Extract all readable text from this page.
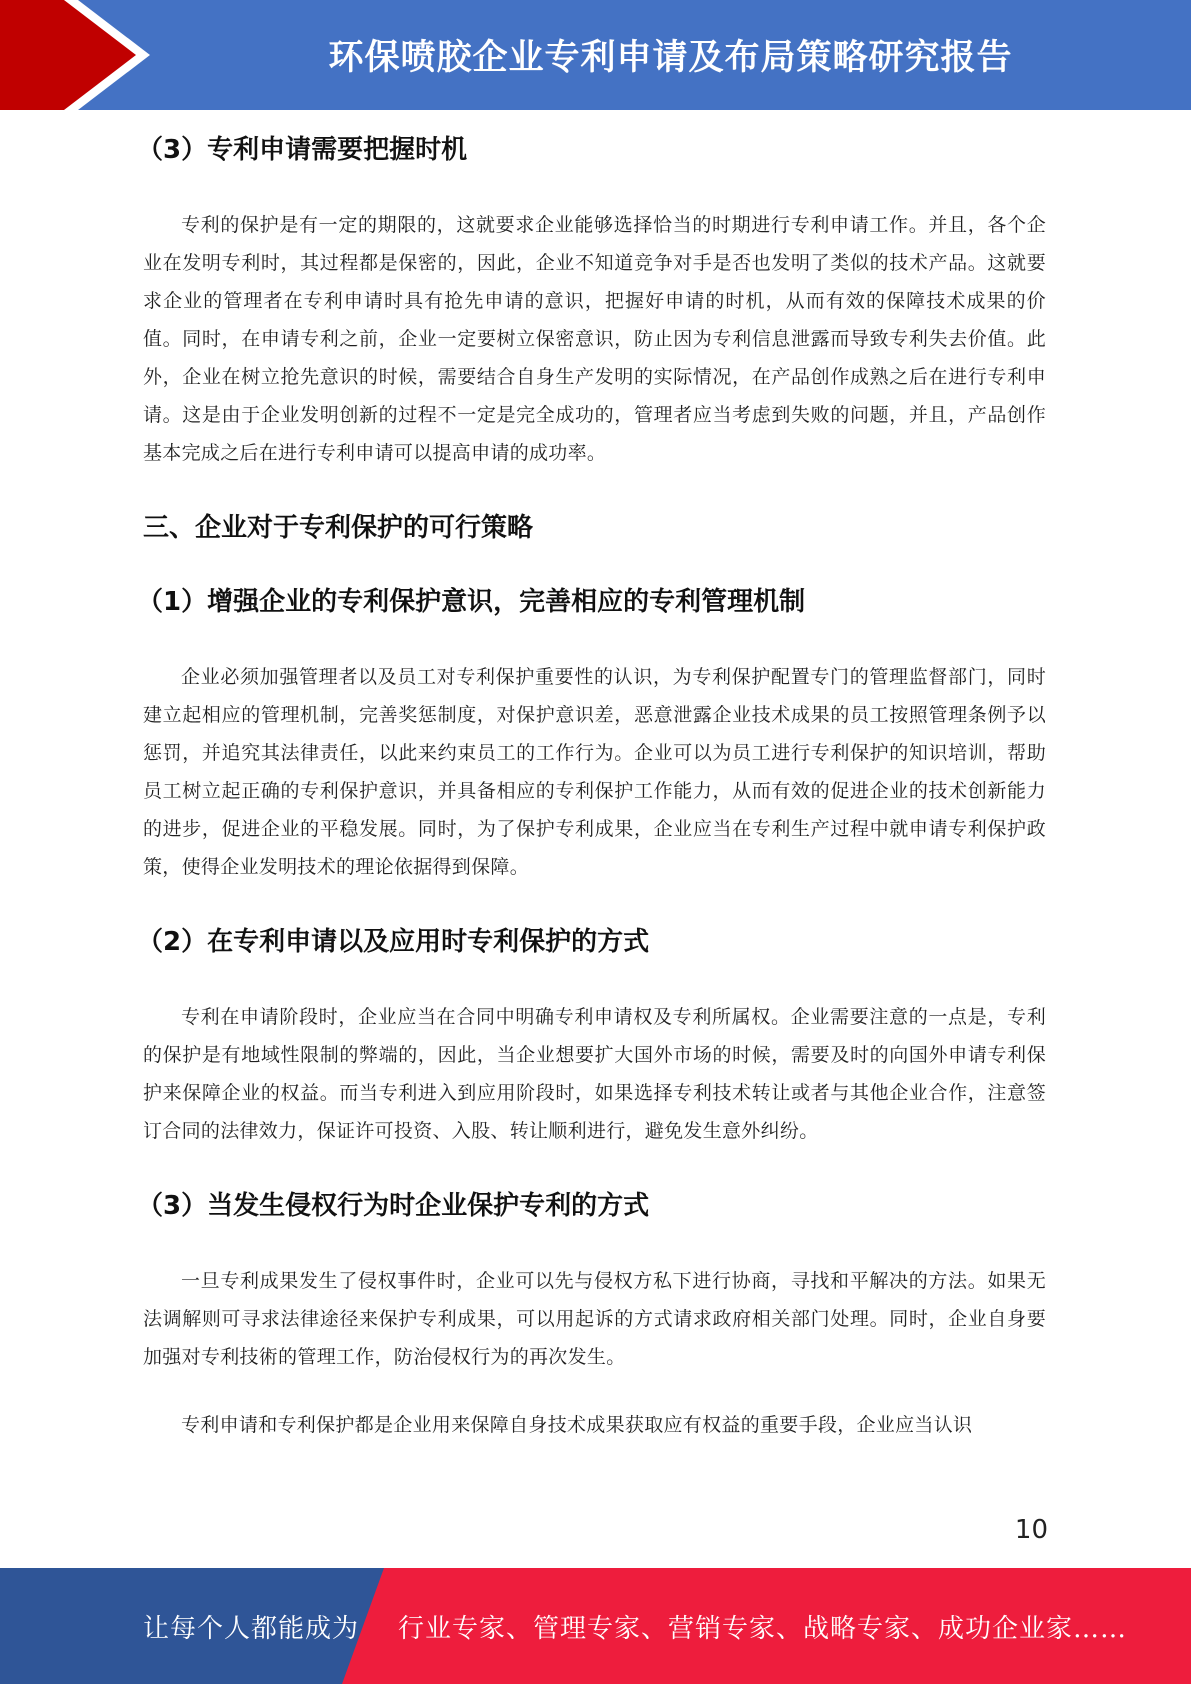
环保喷胶企业专利申请及布局策略研究报告
（3）专利申请需要把握时机

专利的保护是有一定的期限的，这就要求企业能够选择恰当的时期进行专利申请工作。并且，各个企业在发明专利时，其过程都是保密的，因此，企业不知道竞争对手是否也发明了类似的技术产品。这就要求企业的管理者在专利申请时具有抢先申请的意识，把握好申请的时机，从而有效的保障技术成果的价值。同时，在申请专利之前，企业一定要树立保密意识，防止因为专利信息泄露而导致专利失去价值。此外，企业在树立抢先意识的时候，需要结合自身生产发明的实际情况，在产品创作成熟之后在进行专利申请。这是由于企业发明创新的过程不一定是完全成功的，管理者应当考虑到失败的问题，并且，产品创作基本完成之后在进行专利申请可以提高申请的成功率。

三、企业对于专利保护的可行策略
（1）增强企业的专利保护意识，完善相应的专利管理机制

企业必须加强管理者以及员工对专利保护重要性的认识，为专利保护配置专门的管理监督部门，同时建立起相应的管理机制，完善奖惩制度，对保护意识差，恶意泄露企业技术成果的员工按照管理条例予以惩罚，并追究其法律责任，以此来约束员工的工作行为。企业可以为员工进行专利保护的知识培训，帮助员工树立起正确的专利保护意识，并具备相应的专利保护工作能力，从而有效的促进企业的技术创新能力的进步，促进企业的平稳发展。同时，为了保护专利成果，企业应当在专利生产过程中就申请专利保护政策，使得企业发明技术的理论依据得到保障。

（2）在专利申请以及应用时专利保护的方式

专利在申请阶段时，企业应当在合同中明确专利申请权及专利所属权。企业需要注意的一点是，专利的保护是有地域性限制的弊端的，因此，当企业想要扩大国外市场的时候，需要及时的向国外申请专利保护来保障企业的权益。而当专利进入到应用阶段时，如果选择专利技术转让或者与其他企业合作，注意签订合同的法律效力，保证许可投资、入股、转让顺利进行，避免发生意外纠纷。

（3）当发生侵权行为时企业保护专利的方式

一旦专利成果发生了侵权事件时，企业可以先与侵权方私下进行协商，寻找和平解决的方法。如果无法调解则可寻求法律途径来保护专利成果，可以用起诉的方式请求政府相关部门处理。同时，企业自身要加强对专利技術的管理工作，防治侵权行为的再次发生。

专利申请和专利保护都是企业用来保障自身技术成果获取应有权益的重要手段，企业应当认识

10
让每个人都能成为 行业专家、管理专家、营销专家、战略专家、成功企业家……
